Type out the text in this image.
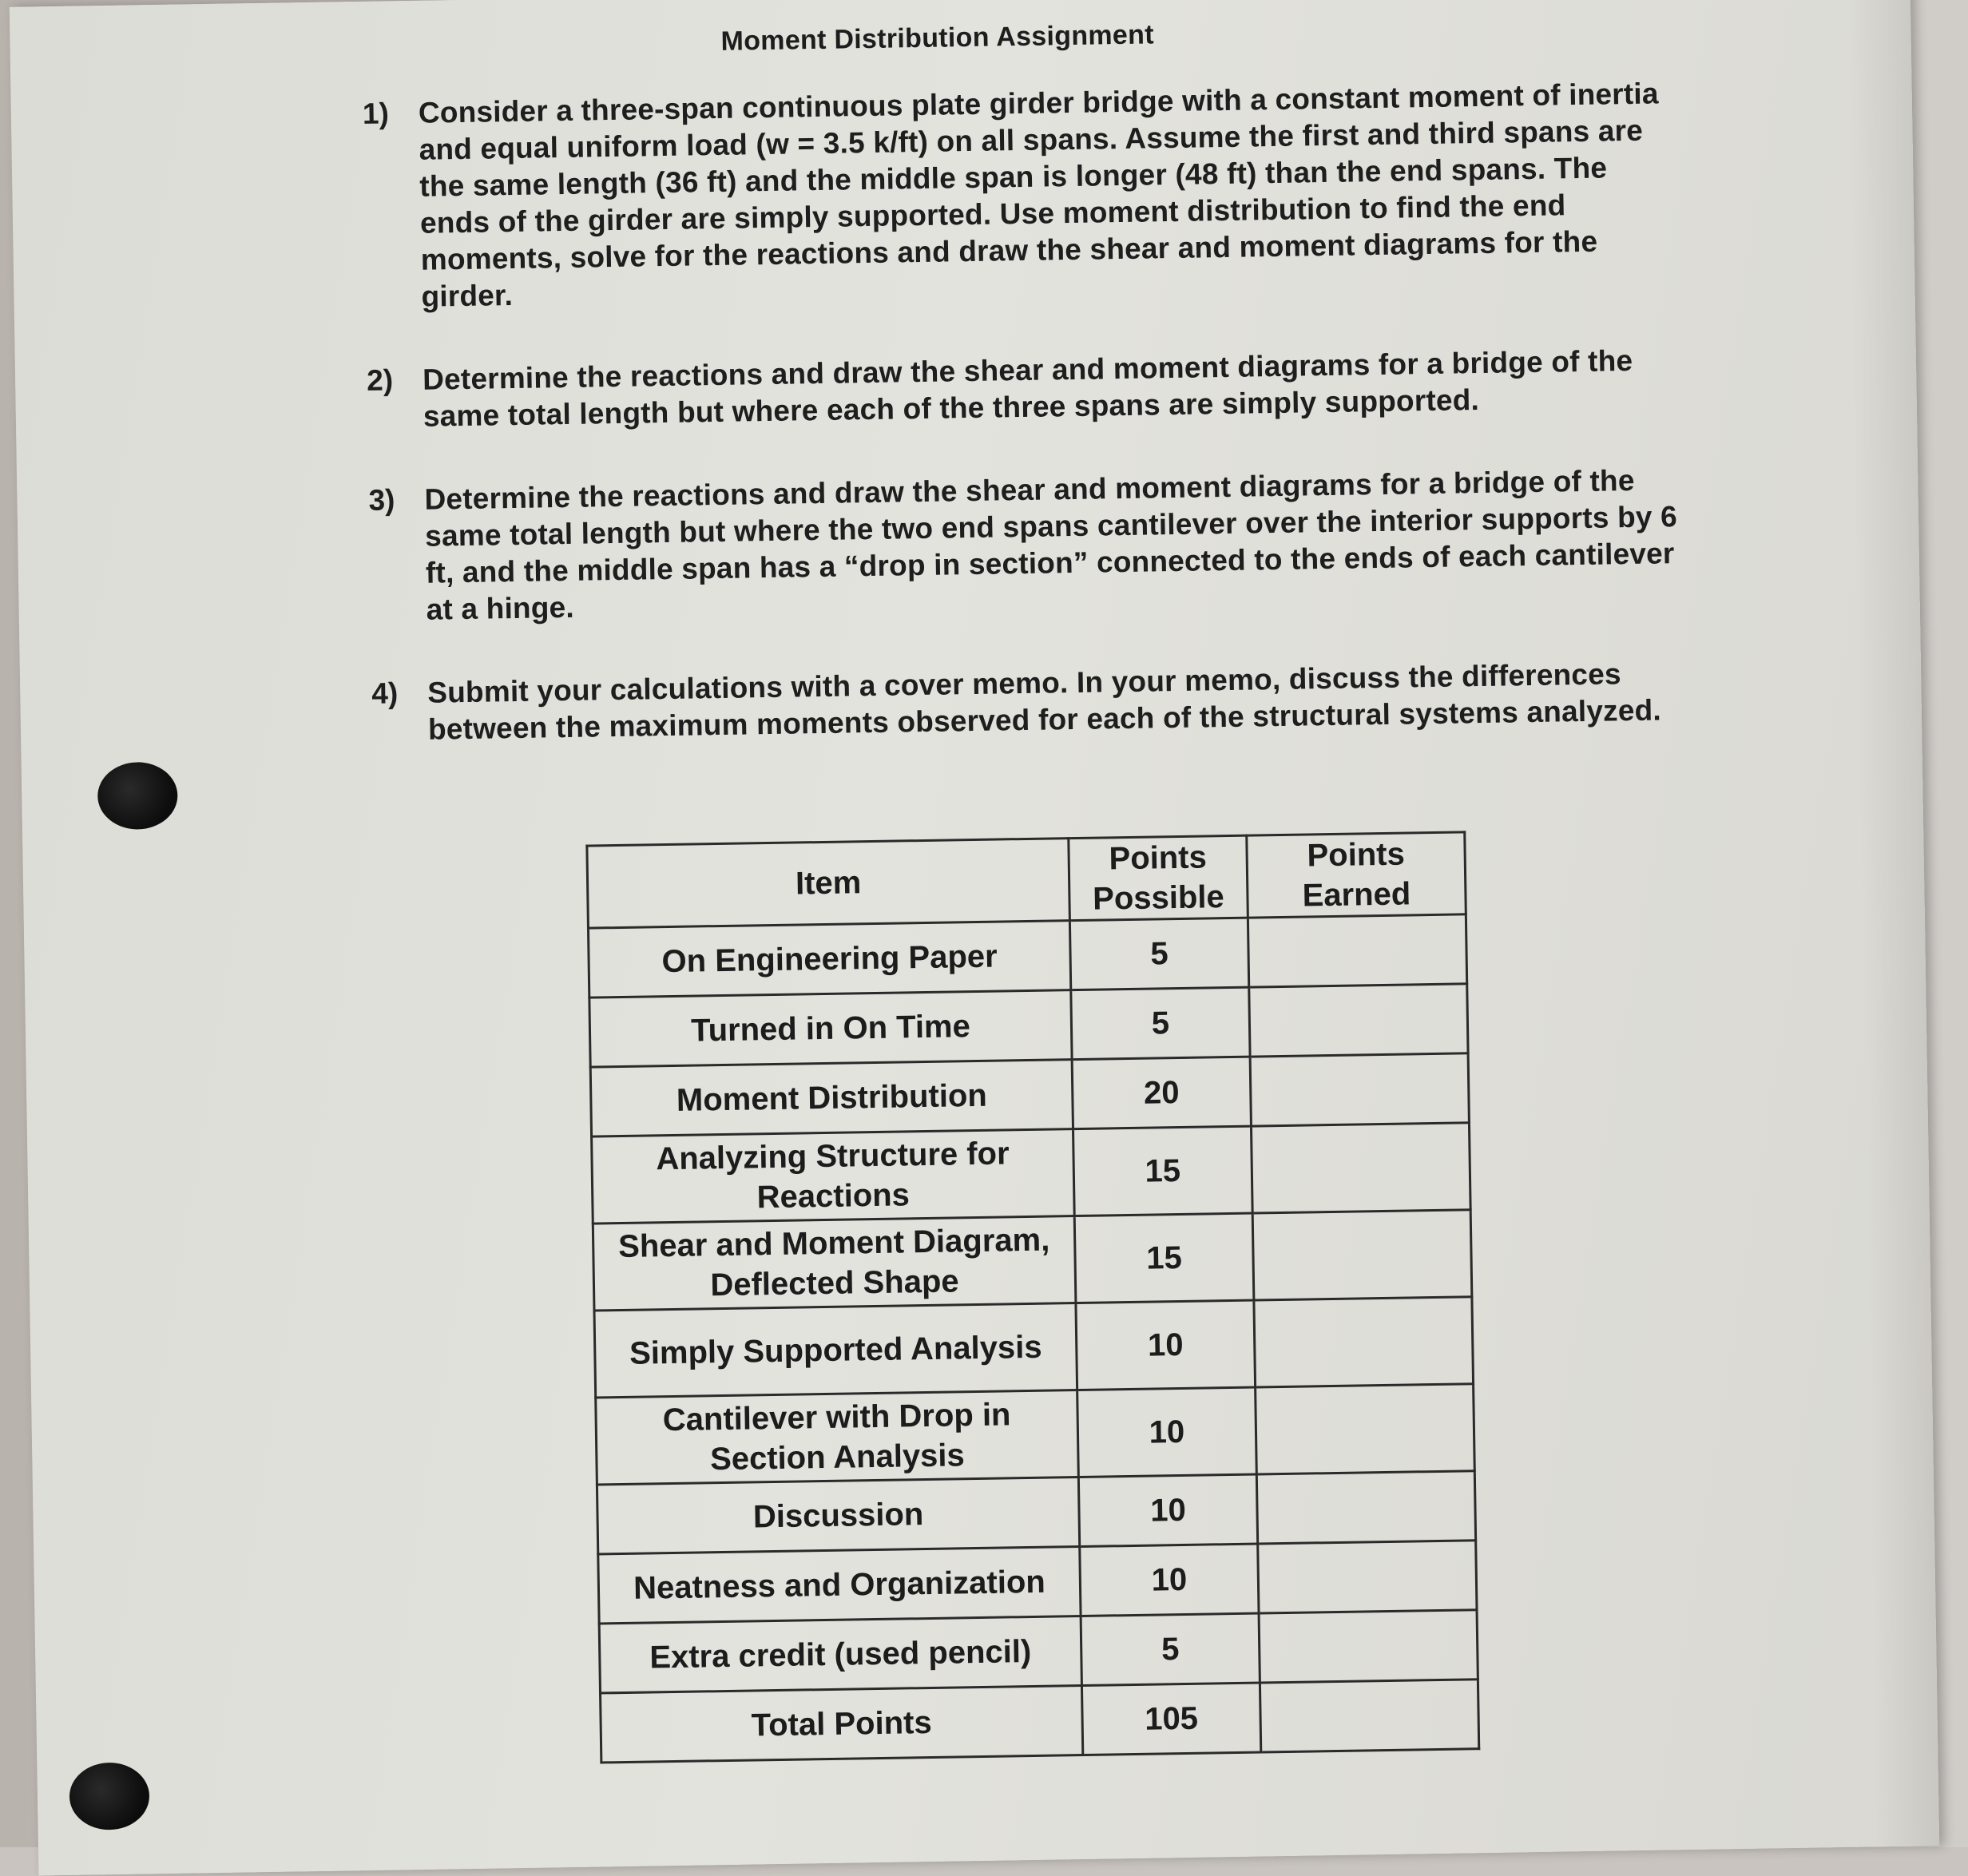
Moment Distribution Assignment
1) Consider a three-span continuous plate girder bridge with a constant moment of inertia and equal uniform load (w = 3.5 k/ft) on all spans. Assume the first and third spans are the same length (36 ft) and the middle span is longer (48 ft) than the end spans. The ends of the girder are simply supported. Use moment distribution to find the end moments, solve for the reactions and draw the shear and moment diagrams for the girder.
2) Determine the reactions and draw the shear and moment diagrams for a bridge of the same total length but where each of the three spans are simply supported.
3) Determine the reactions and draw the shear and moment diagrams for a bridge of the same total length but where the two end spans cantilever over the interior supports by 6 ft, and the middle span has a “drop in section” connected to the ends of each cantilever at a hinge.
4) Submit your calculations with a cover memo. In your memo, discuss the differences between the maximum moments observed for each of the structural systems analyzed.
Item	Points Possible	Points Earned
On Engineering Paper	5	
Turned in On Time	5	
Moment Distribution	20	
Analyzing Structure for Reactions	15	
Shear and Moment Diagram, Deflected Shape	15	
Simply Supported Analysis	10	
Cantilever with Drop in Section Analysis	10	
Discussion	10	
Neatness and Organization	10	
Extra credit (used pencil)	5	
Total Points	105	
